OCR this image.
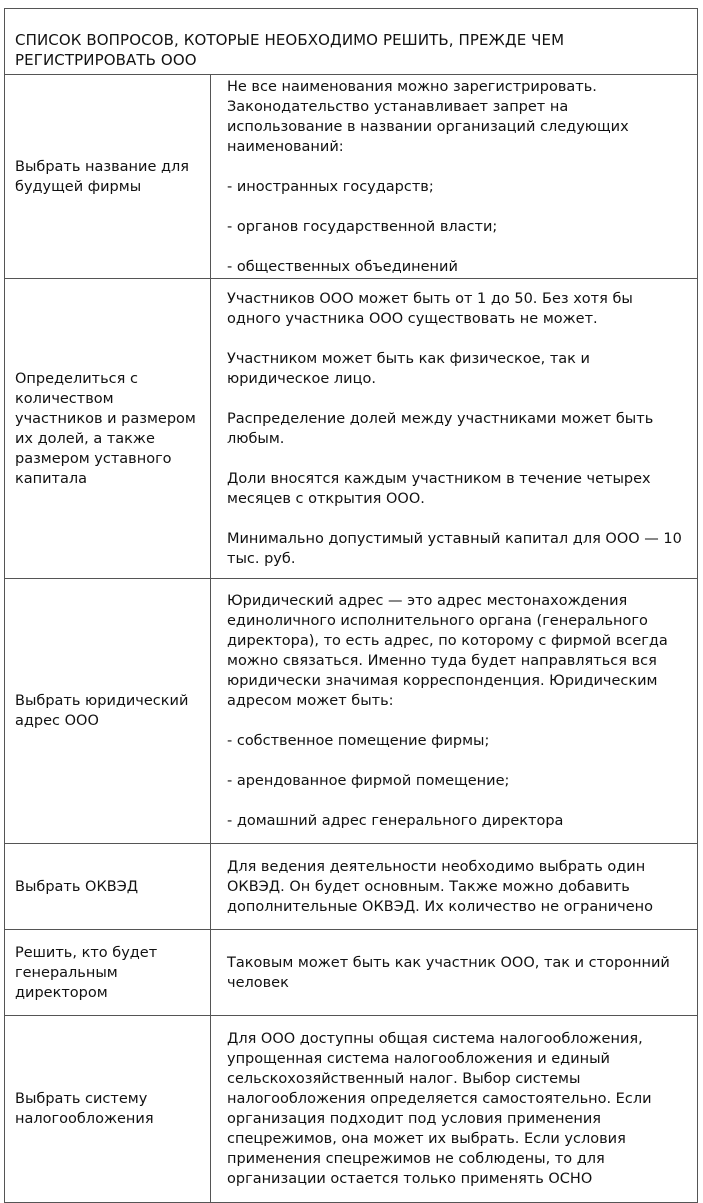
СПИСОК ВОПРОСОВ, КОТОРЫЕ НЕОБХОДИМО РЕШИТЬ, ПРЕЖДЕ ЧЕМ РЕГИСТРИРОВАТЬ ООО
Выбрать название для будущей фирмы

Не все наименования можно зарегистрировать. Законодательство устанавливает запрет на использование в названии организаций следующих наименований:

- иностранных государств;

- органов государственной власти;

- общественных объединений

Определиться с количеством участников и размером их долей, а также размером уставного капитала

Участников ООО может быть от 1 до 50. Без хотя бы одного участника ООО существовать не может.

Участником может быть как физическое, так и юридическое лицо.

Распределение долей между участниками может быть любым.

Доли вносятся каждым участником в течение четырех месяцев с открытия ООО.

Минимально допустимый уставный капитал для ООО — 10 тыс. руб.

Выбрать юридический адрес ООО

Юридический адрес — это адрес местонахождения единоличного исполнительного органа (генерального директора), то есть адрес, по которому с фирмой всегда можно связаться. Именно туда будет направляться вся юридически значимая корреспонденция. Юридическим адресом может быть:

- собственное помещение фирмы;

- арендованное фирмой помещение;

- домашний адрес генерального директора

Выбрать ОКВЭД

Для ведения деятельности необходимо выбрать один ОКВЭД. Он будет основным. Также можно добавить дополнительные ОКВЭД. Их количество не ограничено

Решить, кто будет генеральным директором

Таковым может быть как участник ООО, так и сторонний человек

Выбрать систему налогообложения

Для ООО доступны общая система налогообложения, упрощенная система налогообложения и единый сельскохозяйственный налог. Выбор системы налогообложения определяется самостоятельно. Если организация подходит под условия применения спецрежимов, она может их выбрать. Если условия применения спецрежимов не соблюдены, то для организации остается только применять ОСНО
